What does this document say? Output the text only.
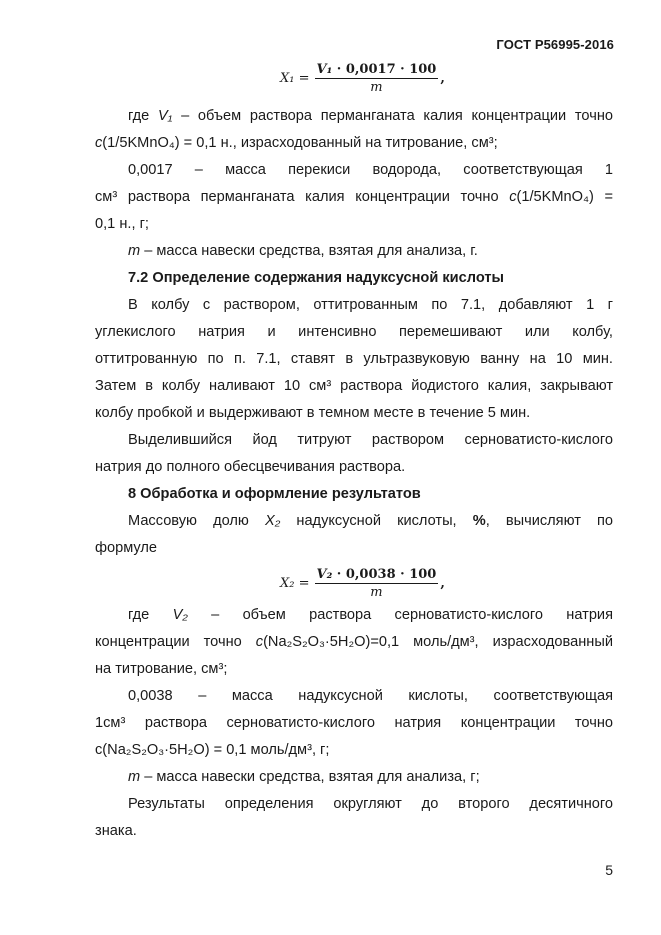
ГОСТ Р56995-2016
$X_1 = \frac{\text{V₁ · 0,0017 · 100}}{m}$ ,
где V₁ – объем раствора перманганата калия концентрации точно
c(1/5KMnO₄) = 0,1 н., израсходованный на титрование, см³;
0,0017 – масса перекиси водорода, соответствующая 1
см³ раствора перманганата калия концентрации точно c(1/5KMnO₄) =
0,1 н., г;
m – масса навески средства, взятая для анализа, г.
7.2 Определение содержания надуксусной кислоты
В колбу с раствором, оттитрованным по 7.1, добавляют 1 г
углекислого натрия и интенсивно перемешивают или колбу,
оттитрованную по п. 7.1, ставят в ультразвуковую ванну на 10 мин.
Затем в колбу наливают 10 см³ раствора йодистого калия, закрывают
колбу пробкой и выдерживают в темном месте в течение 5 мин.
Выделившийся йод титруют раствором серноватисто-кислого
натрия до полного обесцвечивания раствора.
8 Обработка и оформление результатов
Массовую долю X₂ надуксусной кислоты, %, вычисляют по
формуле
$X_2 = \frac{\text{V₂ · 0,0038 · 100}}{m}$ ,
где V₂ – объем раствора серноватисто-кислого натрия
концентрации точно c(Na₂S₂O₃·5H₂O)=0,1 моль/дм³, израсходованный
на титрование, см³;
0,0038 – масса надуксусной кислоты, соответствующая
1см³ раствора серноватисто-кислого натрия концентрации точно
c(Na₂S₂O₃·5H₂O) = 0,1 моль/дм³, г;
m – масса навески средства, взятая для анализа, г;
Результаты определения округляют до второго десятичного
знака.
5
